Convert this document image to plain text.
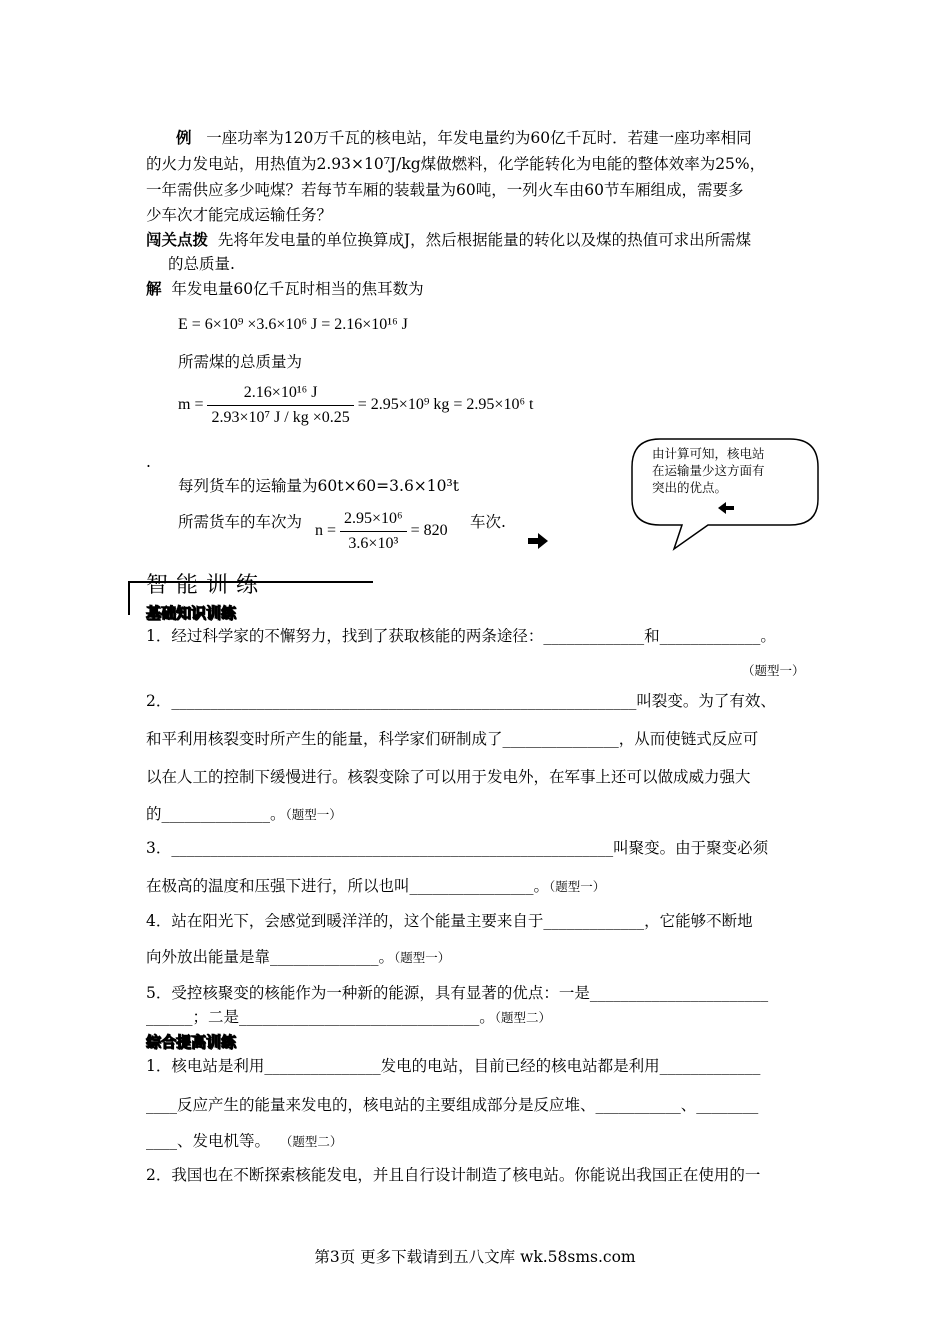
例 一座功率为120万千瓦的核电站，年发电量约为60亿千瓦时．若建一座功率相同
的火力发电站，用热值为2.93×10⁷J/kg煤做燃料，化学能转化为电能的整体效率为25%，
一年需供应多少吨煤？若每节车厢的装载量为60吨，一列火车由60节车厢组成，需要多
少车次才能完成运输任务？
闯关点拨 先将年发电量的单位换算成J，然后根据能量的转化以及煤的热值可求出所需煤
的总质量.
解 年发电量60亿千瓦时相当的焦耳数为
E = 6×10⁹ ×3.6×10⁶ J = 2.16×10¹⁶ J
所需煤的总质量为
$m = \frac{\text{2.16×10¹⁶ J}}{\text{2.93×10⁷ J / kg ×0.25}} = 2.95\times 10^9$ kg = 2.95×10⁶ t
.
每列货车的运输量为60t×60=3.6×10³t
所需货车的车次为 $n = \frac{\text{2.95×10⁶}}{\text{3.6×10³}} = 820$ 车次.
由计算可知，核电站
在运输量少这方面有
突出的优点。
智能训练
基础知识训练
1．经过科学家的不懈努力，找到了获取核能的两条途径：_____________和_____________。
（题型一）
2．____________________________________________________________叫裂变。为了有效、
和平利用核裂变时所产生的能量，科学家们研制成了_______________，从而使链式反应可
以在人工的控制下缓慢进行。核裂变除了可以用于发电外，在军事上还可以做成威力强大
的______________。（题型一）
3．_________________________________________________________叫聚变。由于聚变必须
在极高的温度和压强下进行，所以也叫________________。（题型一）
4．站在阳光下，会感觉到暖洋洋的，这个能量主要来自于_____________，它能够不断地
向外放出能量是靠______________。（题型一）
5．受控核聚变的核能作为一种新的能源，具有显著的优点：一是_______________________
______；二是_______________________________。（题型二）
综合提高训练
1．核电站是利用_______________发电的电站，目前已经的核电站都是利用_____________
____反应产生的能量来发电的，核电站的主要组成部分是反应堆、___________、________
____、发电机等。 （题型二）
2．我国也在不断探索核能发电，并且自行设计制造了核电站。你能说出我国正在使用的一
第3页 更多下载请到五八文库 wk.58sms.com
